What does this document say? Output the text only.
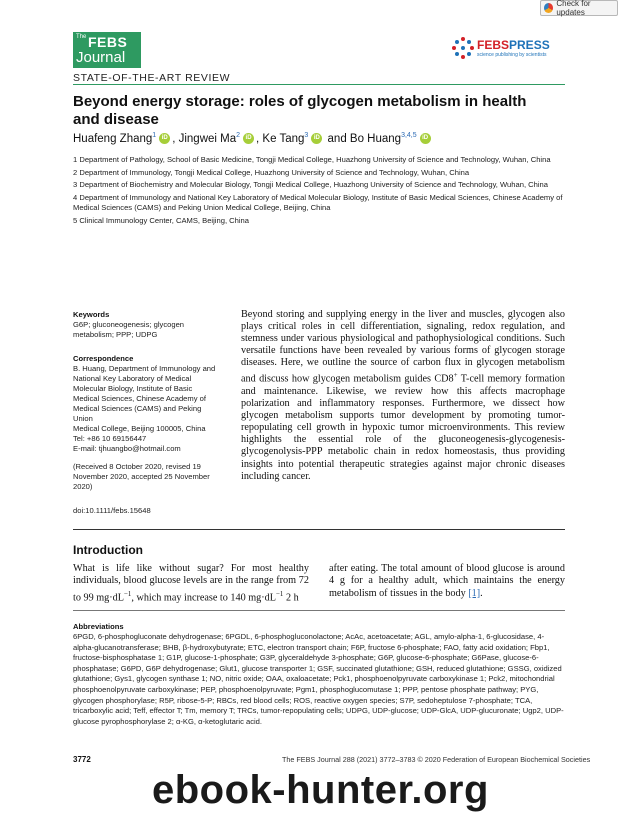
Check for updates
The FEBS
Journal
FEBSPRESS
science publishing by scientists
STATE-OF-THE-ART REVIEW
Beyond energy storage: roles of glycogen metabolism in health and disease
Huafeng Zhang$^1$ iD , Jingwei Ma$^2$ iD , Ke Tang$^3$ iD and Bo Huang$^{3,4,5}$ iD

1 Department of Pathology, School of Basic Medicine, Tongji Medical College, Huazhong University of Science and Technology, Wuhan, China

2 Department of Immunology, Tongji Medical College, Huazhong University of Science and Technology, Wuhan, China

3 Department of Biochemistry and Molecular Biology, Tongji Medical College, Huazhong University of Science and Technology, Wuhan, China

4 Department of Immunology and National Key Laboratory of Medical Molecular Biology, Institute of Basic Medical Sciences, Chinese Academy of Medical Sciences (CAMS) and Peking Union Medical College, Beijing, China

5 Clinical Immunology Center, CAMS, Beijing, China

Keywords
G6P; gluconeogenesis; glycogen metabolism; PPP; UDPG
Correspondence
B. Huang, Department of Immunology and
National Key Laboratory of Medical
Molecular Biology, Institute of Basic
Medical Sciences, Chinese Academy of
Medical Sciences (CAMS) and Peking Union
Medical College, Beijing 100005, China
Tel: +86 10 69156447
E-mail: tjhuangbo@hotmail.com
(Received 8 October 2020, revised 19 November 2020, accepted 25 November 2020)
doi:10.1111/febs.15648
Beyond storing and supplying energy in the liver and muscles, glycogen also plays critical roles in cell differentiation, signaling, redox regulation, and stemness under various physiological and pathophysiological conditions. Such versatile functions have been revealed by various forms of glycogen storage diseases. Here, we outline the source of carbon flux in glycogen metabolism and discuss how glycogen metabolism guides CD8+ T-cell memory formation and maintenance. Likewise, we review how this affects macrophage polarization and inflammatory responses. Furthermore, we dissect how glycogen metabolism supports tumor development by promoting tumor-repopulating cell growth in hypoxic tumor microenvironments. This review highlights the essential role of the gluconeogenesis-glycogenesis-glycogenolysis-PPP metabolic chain in redox homeostasis, thus providing insights into potential therapeutic strategies against major chronic diseases including cancer.
Introduction
What is life like without sugar? For most healthy individuals, blood glucose levels are in the range from 72 to 99 $mg\cdot dL^{-1}$, which may increase to 140 $mg\cdot dL^{-1}$ 2 h
after eating. The total amount of blood glucose is around 4 g for a healthy adult, which maintains the energy metabolism of tissues in the body [1].
Abbreviations
6PGD, 6-phosphogluconate dehydrogenase; 6PGDL, 6-phosphogluconolactone; AcAc, acetoacetate; AGL, amylo-alpha-1, 6-glucosidase, 4-alpha-glucanotransferase; BHB, β-hydroxybutyrate; ETC, electron transport chain; F6P, fructose 6-phosphate; FAO, fatty acid oxidation; Fbp1, fructose-bisphosphatase 1; G1P, glucose-1-phosphate; G3P, glyceraldehyde 3-phosphate; G6P, glucose-6-phosphate; G6Pase, glucose-6-phosphatase; G6PD, G6P dehydrogenase; Glut1, glucose transporter 1; GSF, succinated glutathione; GSH, reduced glutathione; GSSG, oxidized glutathione; Gys1, glycogen synthase 1; NO, nitric oxide; OAA, oxaloacetate; Pck1, phosphoenolpyruvate carboxykinase 1; Pck2, mitochondrial phosphoenolpyruvate carboxykinase; PEP, phosphoenolpyruvate; Pgm1, phosphoglucomutase 1; PPP, pentose phosphate pathway; PYG, glycogen phosphorylase; R5P, ribose-5-P; RBCs, red blood cells; ROS, reactive oxygen species; S7P, sedoheptulose 7-phosphate; TCA, tricarboxylic acid; Teff, effector T; Tm, memory T; TRCs, tumor-repopulating cells; UDPG, UDP-glucose; UDP-GlcA, UDP-glucuronate; Ugp2, UDP-glucose pyrophosphorylase 2; α-KG, α-ketoglutaric acid.
3772	The FEBS Journal 288 (2021) 3772–3783 © 2020 Federation of European Biochemical Societies
ebook-hunter.org
